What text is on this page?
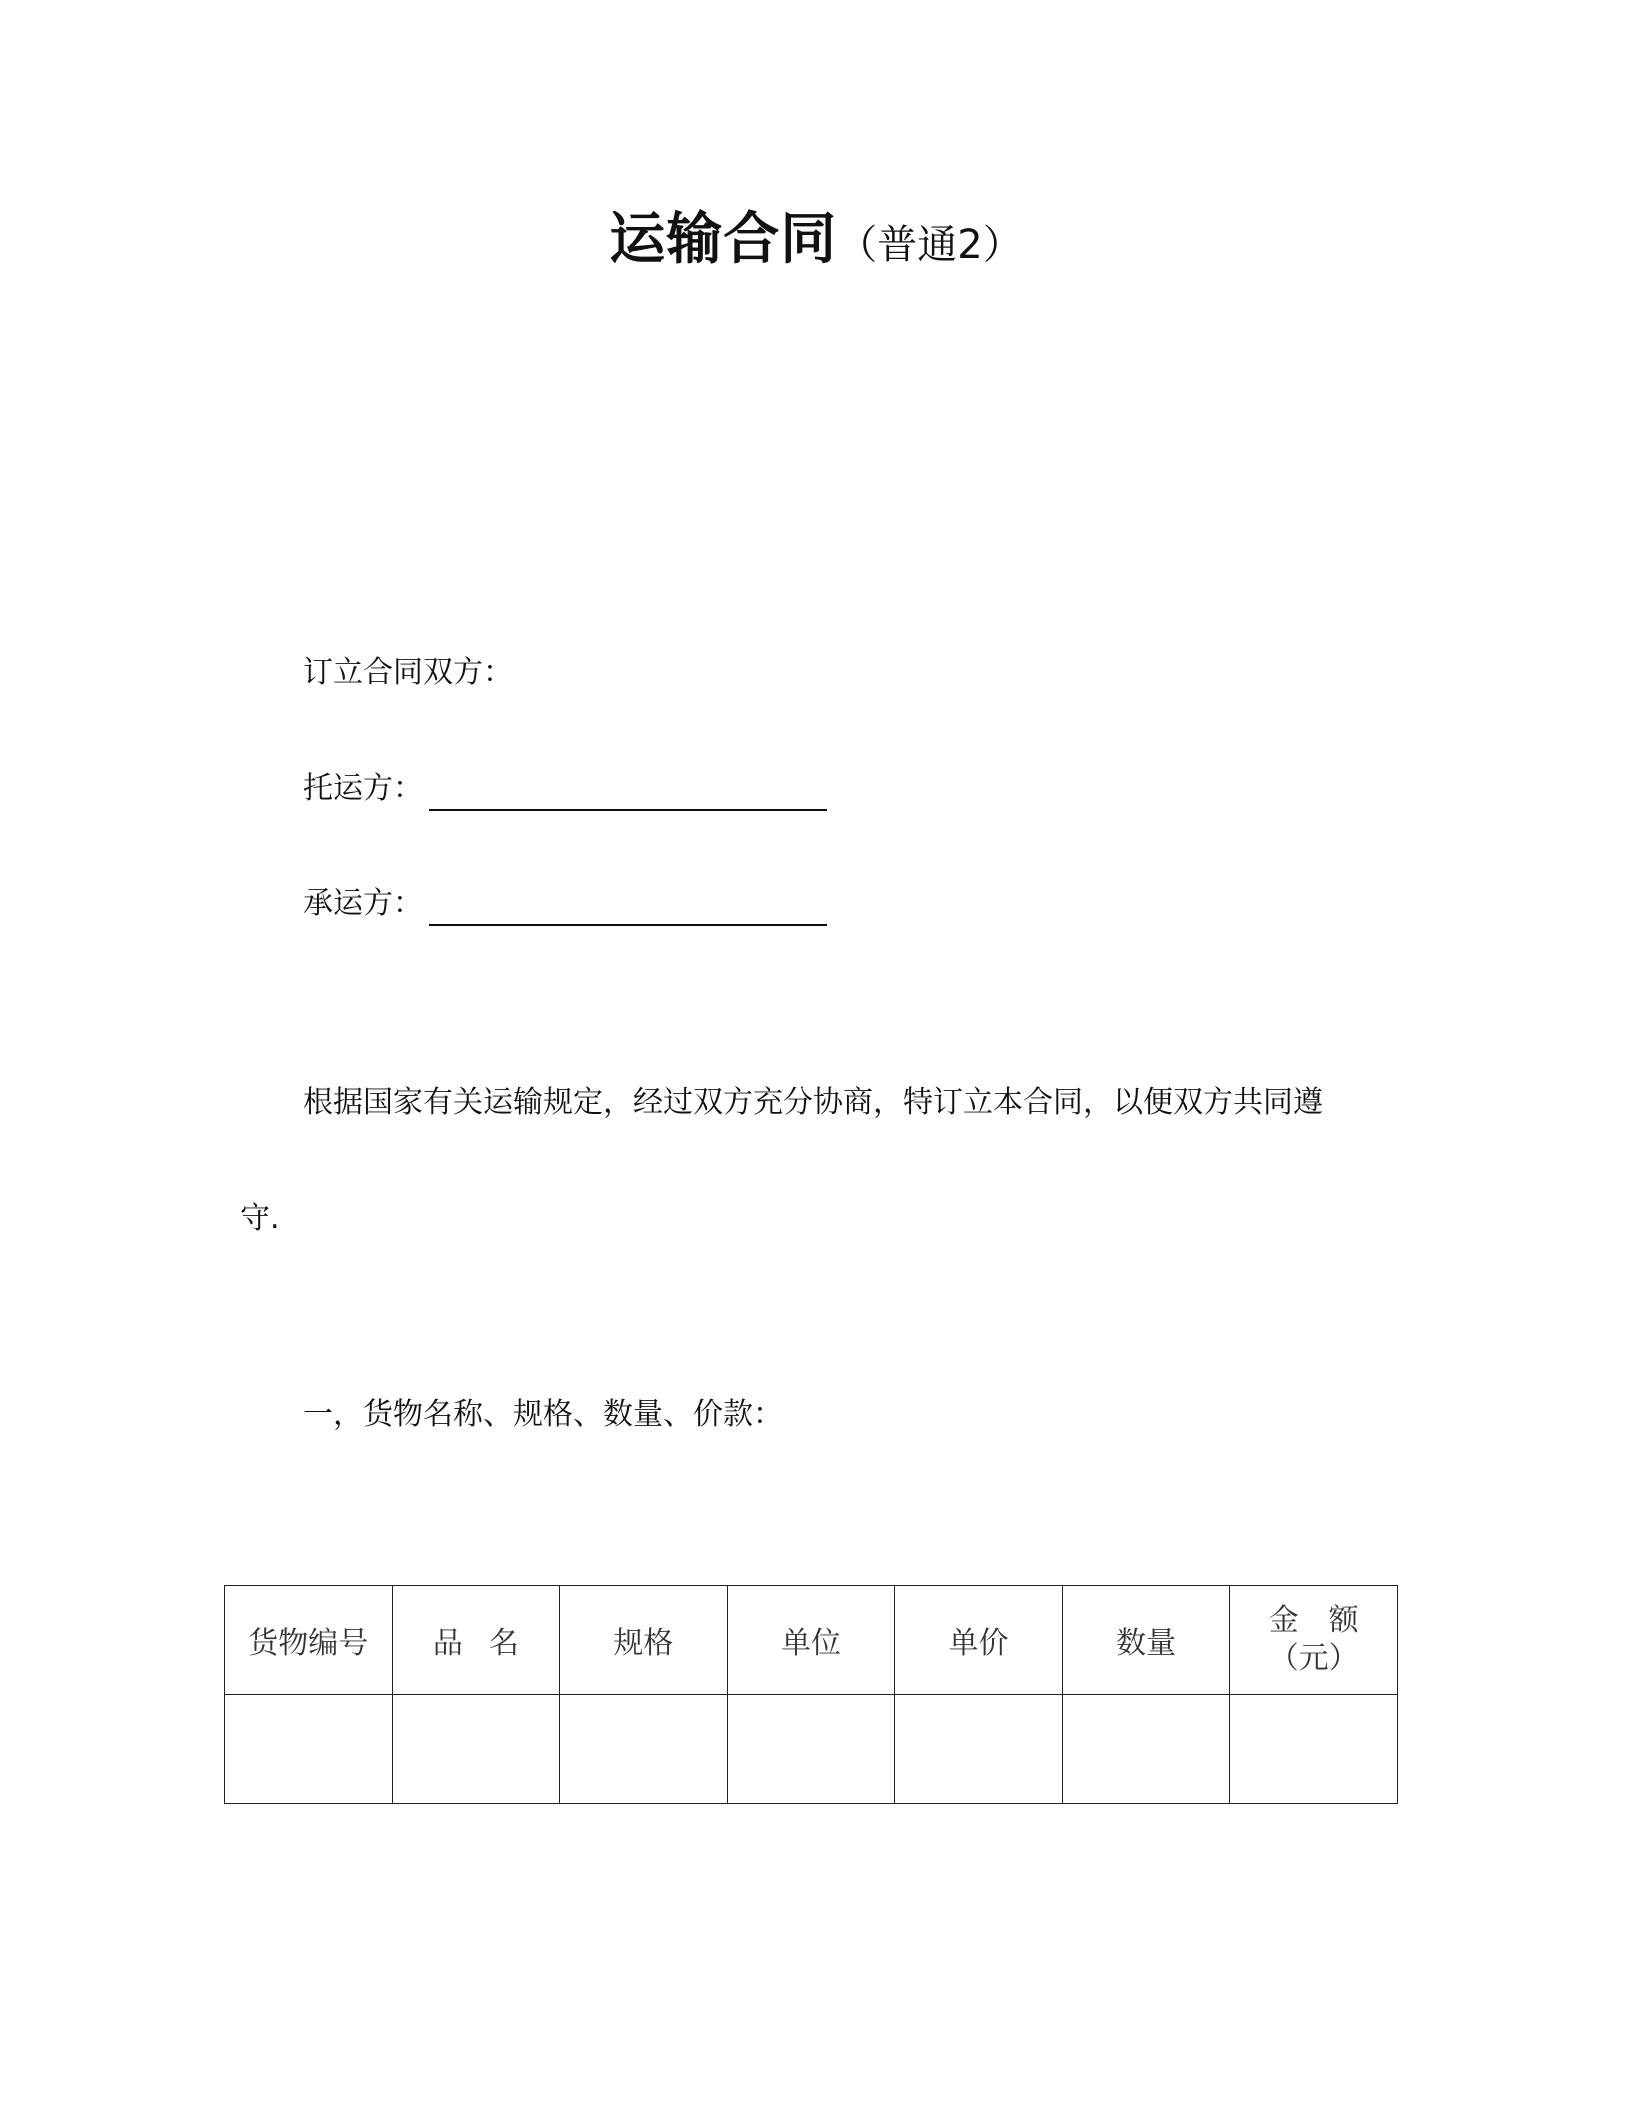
运输合同（普通2）
订立合同双方：
托运方：
承运方：
根据国家有关运输规定，经过双方充分协商，特订立本合同，以便双方共同遵
守.
一，货物名称、规格、数量、价款：
货物编号	品名	规格	单位	单价	数量	金额
（元）
